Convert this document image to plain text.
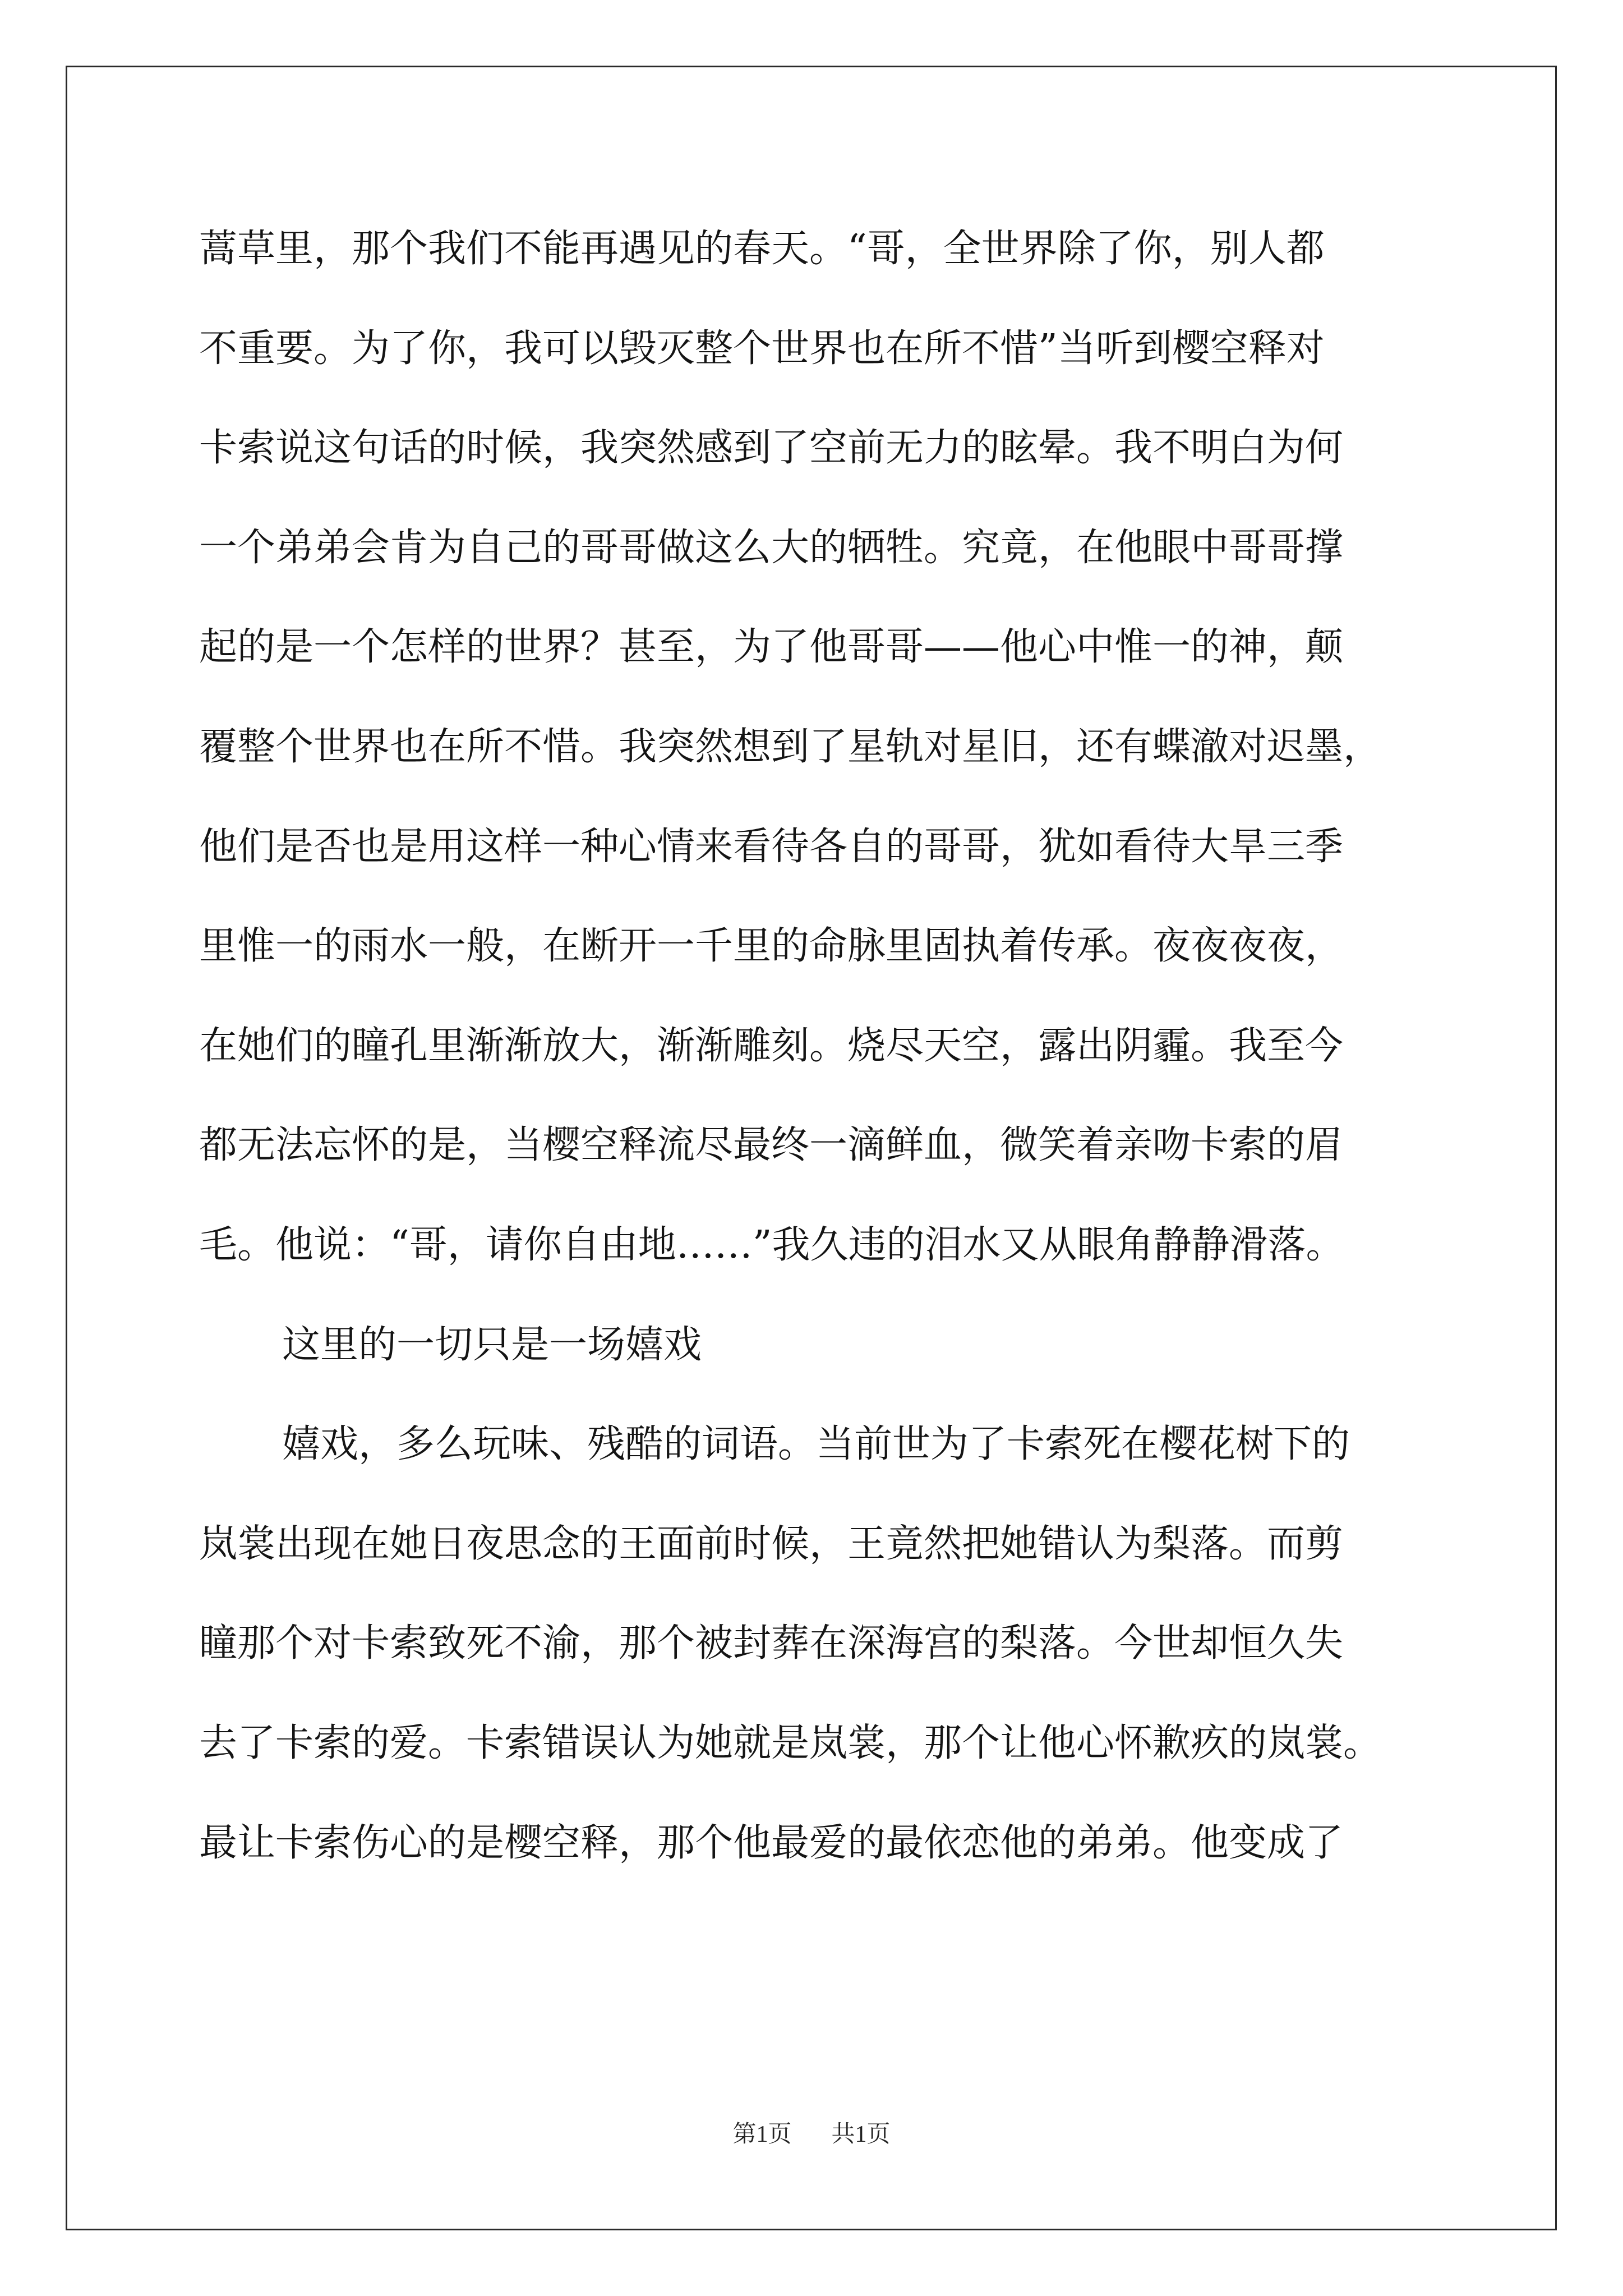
蒿草里，那个我们不能再遇见的春天。“哥，全世界除了你，别人都
不重要。为了你，我可以毁灭整个世界也在所不惜”当听到樱空释对
卡索说这句话的时候，我突然感到了空前无力的眩晕。我不明白为何
一个弟弟会肯为自己的哥哥做这么大的牺牲。究竟，在他眼中哥哥撑
起的是一个怎样的世界？甚至，为了他哥哥——他心中惟一的神，颠
覆整个世界也在所不惜。我突然想到了星轨对星旧，还有蝶澈对迟墨，
他们是否也是用这样一种心情来看待各自的哥哥，犹如看待大旱三季
里惟一的雨水一般，在断开一千里的命脉里固执着传承。夜夜夜夜，
在她们的瞳孔里渐渐放大，渐渐雕刻。烧尽天空，露出阴霾。我至今
都无法忘怀的是，当樱空释流尽最终一滴鲜血，微笑着亲吻卡索的眉
毛。他说：“哥，请你自由地……”我久违的泪水又从眼角静静滑落。
这里的一切只是一场嬉戏
嬉戏，多么玩味、残酷的词语。当前世为了卡索死在樱花树下的
岚裳出现在她日夜思念的王面前时候，王竟然把她错认为梨落。而剪
瞳那个对卡索致死不渝，那个被封葬在深海宫的梨落。今世却恒久失
去了卡索的爱。卡索错误认为她就是岚裳，那个让他心怀歉疚的岚裳。
最让卡索伤心的是樱空释，那个他最爱的最依恋他的弟弟。他变成了
第1页 共1页
